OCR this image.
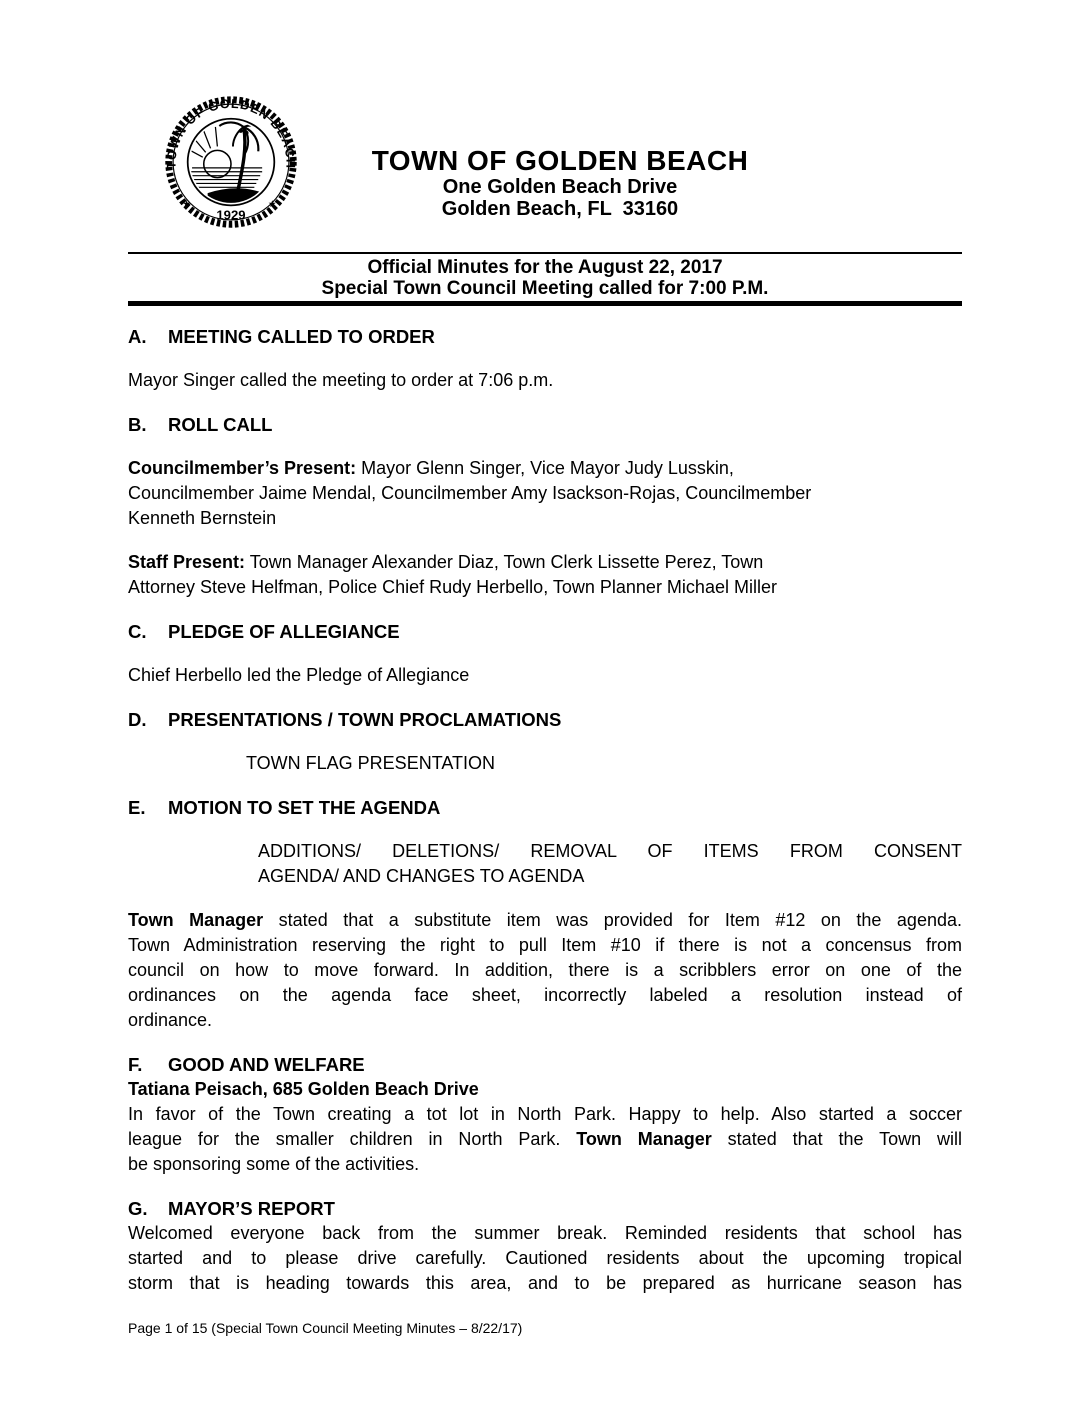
TOWN OF GOLDEN BEACH
1929
★	★
TOWN OF GOLDEN BEACH
One Golden Beach Drive
Golden Beach, FL  33160
Official Minutes for the August 22, 2017
Special Town Council Meeting called for 7:00 P.M.
A.	MEETING CALLED TO ORDER

Mayor Singer called the meeting to order at 7:06 p.m.

B.	ROLL CALL

Councilmember’s Present: Mayor Glenn Singer, Vice Mayor Judy Lusskin,
Councilmember Jaime Mendal, Councilmember Amy Isackson-Rojas, Councilmember
Kenneth Bernstein

Staff Present: Town Manager Alexander Diaz, Town Clerk Lissette Perez, Town
Attorney Steve Helfman, Police Chief Rudy Herbello, Town Planner Michael Miller

C.	PLEDGE OF ALLEGIANCE

Chief Herbello led the Pledge of Allegiance

D.	PRESENTATIONS / TOWN PROCLAMATIONS

TOWN FLAG PRESENTATION

E.	MOTION TO SET THE AGENDA
ADDITIONS/ DELETIONS/ REMOVAL OF ITEMS FROM CONSENT
AGENDA/ AND CHANGES TO AGENDA
Town Manager stated that a substitute item was provided for Item #12 on the agenda.
Town Administration reserving the right to pull Item #10 if there is not a concensus from
council on how to move forward. In addition, there is a scribblers error on one of the
ordinances on the agenda face sheet, incorrectly labeled a resolution instead of
ordinance.
F.	GOOD AND WELFARE

Tatiana Peisach, 685 Golden Beach Drive

In favor of the Town creating a tot lot in North Park. Happy to help. Also started a soccer
league for the smaller children in North Park. Town Manager stated that the Town will
be sponsoring some of the activities.
G.	MAYOR’S REPORT
Welcomed everyone back from the summer break. Reminded residents that school has
started and to please drive carefully. Cautioned residents about the upcoming tropical
storm that is heading towards this area, and to be prepared as hurricane season has
Page 1 of 15 (Special Town Council Meeting Minutes – 8/22/17)
